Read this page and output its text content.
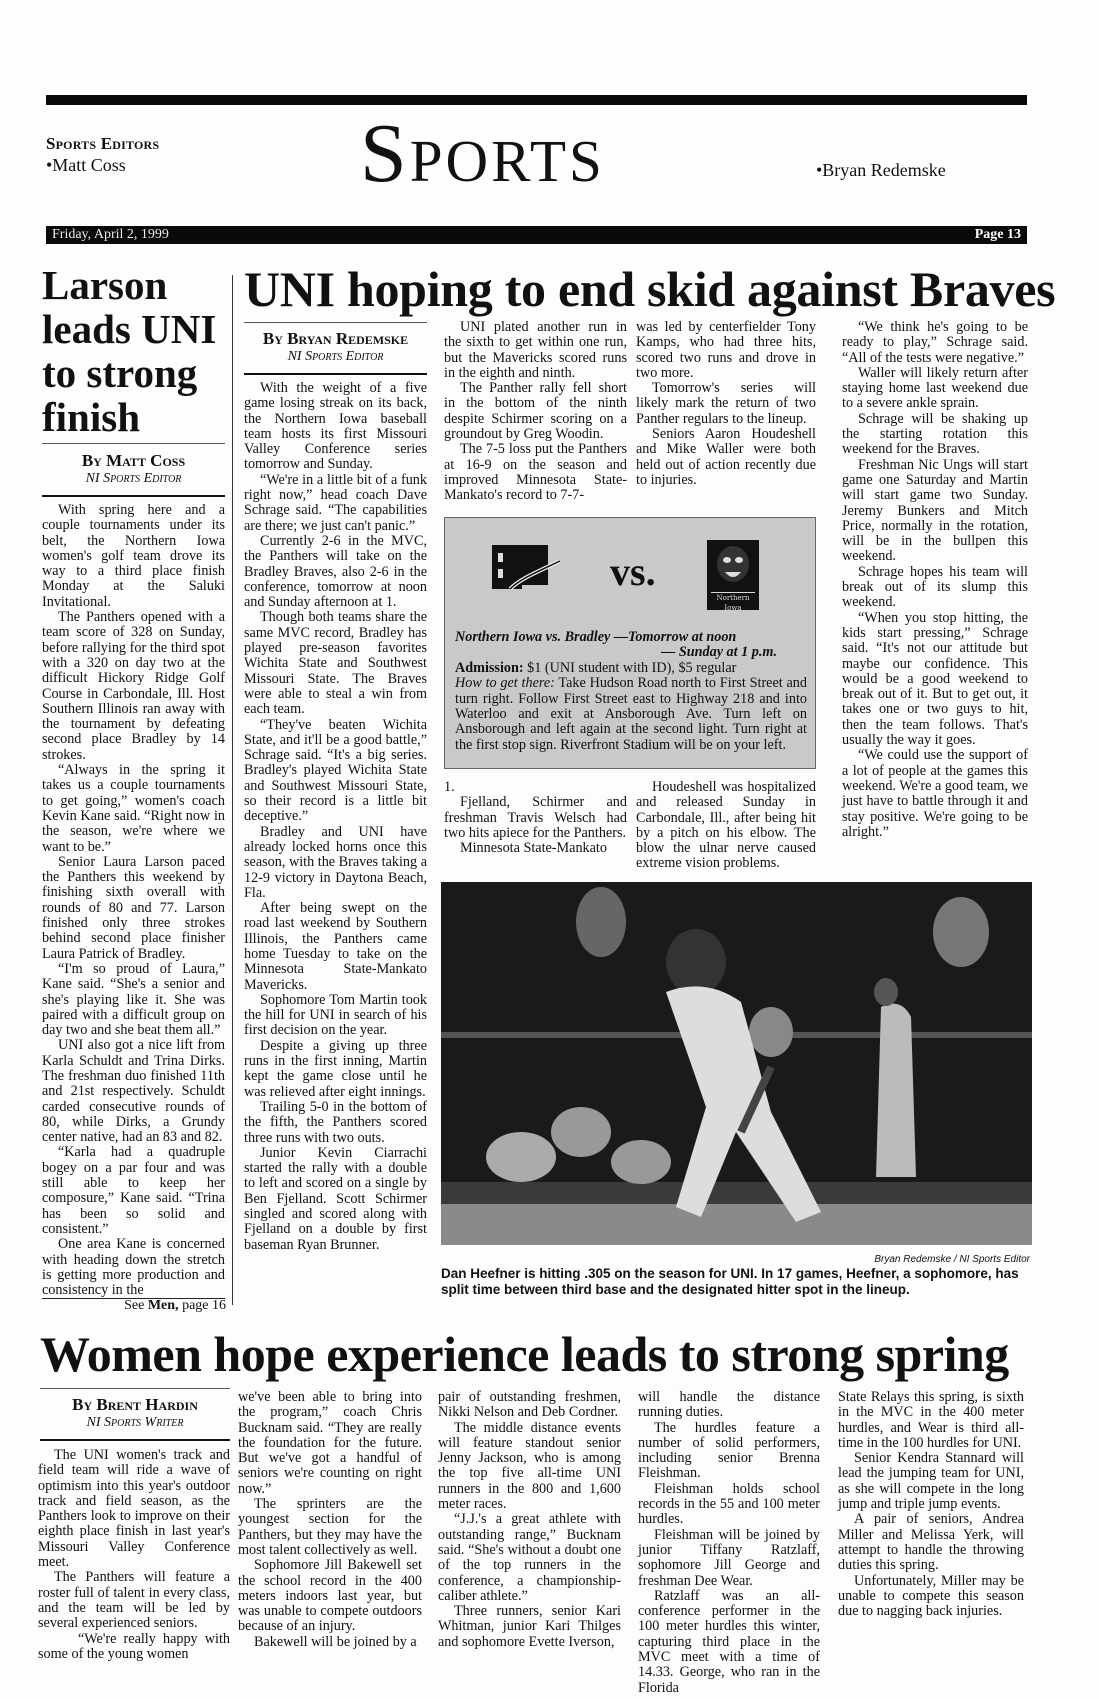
Sports Editors
•Matt Coss	Sports	•Bryan Redemske
Friday, April 2, 1999	Page 13
Larson leads UNI to strong finish
By Matt Coss
NI Sports Editor

With spring here and a couple tournaments under its belt, the Northern Iowa women's golf team drove its way to a third place finish Monday at the Saluki Invitational.

The Panthers opened with a team score of 328 on Sunday, before rallying for the third spot with a 320 on day two at the difficult Hickory Ridge Golf Course in Carbondale, Ill. Host Southern Illinois ran away with the tournament by defeating second place Bradley by 14 strokes.

“Always in the spring it takes us a couple tournaments to get going,” women's coach Kevin Kane said. “Right now in the season, we're where we want to be.”

Senior Laura Larson paced the Panthers this weekend by finishing sixth overall with rounds of 80 and 77. Larson finished only three strokes behind second place finisher Laura Patrick of Bradley.

“I'm so proud of Laura,” Kane said. “She's a senior and she's playing like it. She was paired with a difficult group on day two and she beat them all.”

UNI also got a nice lift from Karla Schuldt and Trina Dirks. The freshman duo finished 11th and 21st respectively. Schuldt carded consecutive rounds of 80, while Dirks, a Grundy center native, had an 83 and 82.

“Karla had a quadruple bogey on a par four and was still able to keep her composure,” Kane said. “Trina has been so solid and consistent.”

One area Kane is concerned with heading down the stretch is getting more production and consistency in the

See Men, page 16
UNI hoping to end skid against Braves
By Bryan Redemske
NI Sports Editor

With the weight of a five game losing streak on its back, the Northern Iowa baseball team hosts its first Missouri Valley Conference series tomorrow and Sunday.

“We're in a little bit of a funk right now,” head coach Dave Schrage said. “The capabilities are there; we just can't panic.”

Currently 2-6 in the MVC, the Panthers will take on the Bradley Braves, also 2-6 in the conference, tomorrow at noon and Sunday afternoon at 1.

Though both teams share the same MVC record, Bradley has played pre-season favorites Wichita State and Southwest Missouri State. The Braves were able to steal a win from each team.

“They've beaten Wichita State, and it'll be a good battle,” Schrage said. “It's a big series. Bradley's played Wichita State and Southwest Missouri State, so their record is a little bit deceptive.”

Bradley and UNI have already locked horns once this season, with the Braves taking a 12-9 victory in Daytona Beach, Fla.

After being swept on the road last weekend by Southern Illinois, the Panthers came home Tuesday to take on the Minnesota State-Mankato Mavericks.

Sophomore Tom Martin took the hill for UNI in search of his first decision on the year.

Despite a giving up three runs in the first inning, Martin kept the game close until he was relieved after eight innings.

Trailing 5-0 in the bottom of the fifth, the Panthers scored three runs with two outs.

Junior Kevin Ciarrachi started the rally with a double to left and scored on a single by Ben Fjelland. Scott Schirmer singled and scored along with Fjelland on a double by first baseman Ryan Brunner.

UNI plated another run in the sixth to get within one run, but the Mavericks scored runs in the eighth and ninth.

The Panther rally fell short in the bottom of the ninth despite Schirmer scoring on a groundout by Greg Woodin.

The 7-5 loss put the Panthers at 16-9 on the season and improved Minnesota State-Mankato's record to 7-7-

was led by centerfielder Tony Kamps, who had three hits, scored two runs and drove in two more.

Tomorrow's series will likely mark the return of two Panther regulars to the lineup.

Seniors Aaron Houdeshell and Mike Waller were both held out of action recently due to injuries.

vs.
Northern Iowa
Northern Iowa vs. Bradley —Tomorrow at noon
— Sunday at 1 p.m.
Admission: $1 (UNI student with ID), $5 regular
How to get there: Take Hudson Road north to First Street and turn right. Follow First Street east to Highway 218 and into Waterloo and exit at Ansborough Ave. Turn left on Ansborough and left again at the second light. Turn right at the first stop sign. Riverfront Stadium will be on your left.

1.

Fjelland, Schirmer and freshman Travis Welsch had two hits apiece for the Panthers.

Minnesota State-Mankato

Houdeshell was hospitalized and released Sunday in Carbondale, Ill., after being hit by a pitch on his elbow. The blow the ulnar nerve caused extreme vision problems.

“We think he's going to be ready to play,” Schrage said. “All of the tests were negative.”

Waller will likely return after staying home last weekend due to a severe ankle sprain.

Schrage will be shaking up the starting rotation this weekend for the Braves.

Freshman Nic Ungs will start game one Saturday and Martin will start game two Sunday. Jeremy Bunkers and Mitch Price, normally in the rotation, will be in the bullpen this weekend.

Schrage hopes his team will break out of its slump this weekend.

“When you stop hitting, the kids start pressing,” Schrage said. “It's not our attitude but maybe our confidence. This would be a good weekend to break out of it. But to get out, it takes one or two guys to hit, then the team follows. That's usually the way it goes.

“We could use the support of a lot of people at the games this weekend. We're a good team, we just have to battle through it and stay positive. We're going to be alright.”

Bryan Redemske / NI Sports Editor
Dan Heefner is hitting .305 on the season for UNI. In 17 games, Heefner, a sophomore, has split time between third base and the designated hitter spot in the lineup.
Women hope experience leads to strong spring
By Brent Hardin
NI Sports Writer

The UNI women's track and field team will ride a wave of optimism into this year's outdoor track and field season, as the Panthers look to improve on their eighth place finish in last year's Missouri Valley Conference meet.

The Panthers will feature a roster full of talent in every class, and the team will be led by several experienced seniors.

“We're really happy with some of the young women

we've been able to bring into the program,” coach Chris Bucknam said. “They are really the foundation for the future. But we've got a handful of seniors we're counting on right now.”

The sprinters are the youngest section for the Panthers, but they may have the most talent collectively as well.

Sophomore Jill Bakewell set the school record in the 400 meters indoors last year, but was unable to compete outdoors because of an injury.

Bakewell will be joined by a

pair of outstanding freshmen, Nikki Nelson and Deb Cordner.

The middle distance events will feature standout senior Jenny Jackson, who is among the top five all-time UNI runners in the 800 and 1,600 meter races.

“J.J.'s a great athlete with outstanding range,” Bucknam said. “She's without a doubt one of the top runners in the conference, a championship-caliber athlete.”

Three runners, senior Kari Whitman, junior Kari Thilges and sophomore Evette Iverson,

will handle the distance running duties.

The hurdles feature a number of solid performers, including senior Brenna Fleishman.

Fleishman holds school records in the 55 and 100 meter hurdles.

Fleishman will be joined by junior Tiffany Ratzlaff, sophomore Jill George and freshman Dee Wear.

Ratzlaff was an all-conference performer in the 100 meter hurdles this winter, capturing third place in the MVC meet with a time of 14.33. George, who ran in the Florida

State Relays this spring, is sixth in the MVC in the 400 meter hurdles, and Wear is third all-time in the 100 hurdles for UNI.

Senior Kendra Stannard will lead the jumping team for UNI, as she will compete in the long jump and triple jump events.

A pair of seniors, Andrea Miller and Melissa Yerk, will attempt to handle the throwing duties this spring.

Unfortunately, Miller may be unable to compete this season due to nagging back injuries.
